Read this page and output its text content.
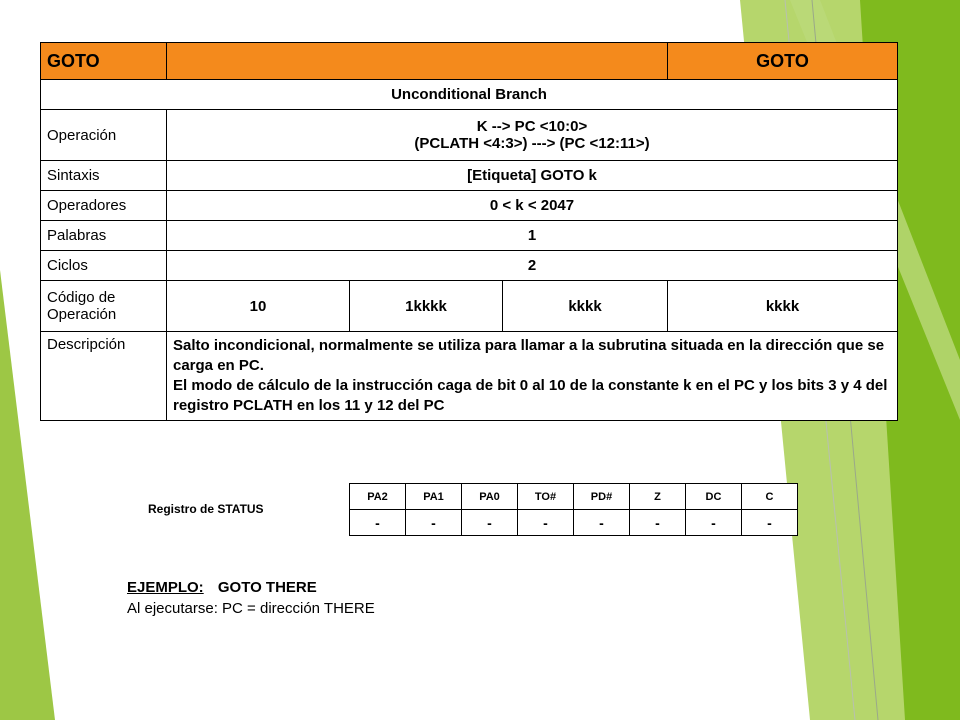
GOTO				GOTO
Unconditional Branch				
Operación	K --> PC <10:0>
(PCLATH <4:3>) ---> (PC <12:11>)			

Sintaxis	[Etiqueta] GOTO k			
Operadores	0 < k < 2047			
Palabras	1			
Ciclos	2			
Código de Operación	10	1kkkk	kkkk	kkkk
Descripción	Salto incondicional, normalmente se utiliza para llamar a la subrutina situada en la dirección que se carga en PC.
El modo de cálculo de la instrucción caga de bit 0 al 10 de la constante k en el PC y los bits 3 y 4 del registro PCLATH en los 11 y 12 del PC			
Registro de STATUS
PA2	PA1	PA0	TO#	PD#	Z	DC	C
-	-	-	-	-	-	-	-
EJEMPLO: GOTO THERE
Al ejecutarse: PC = dirección THERE
